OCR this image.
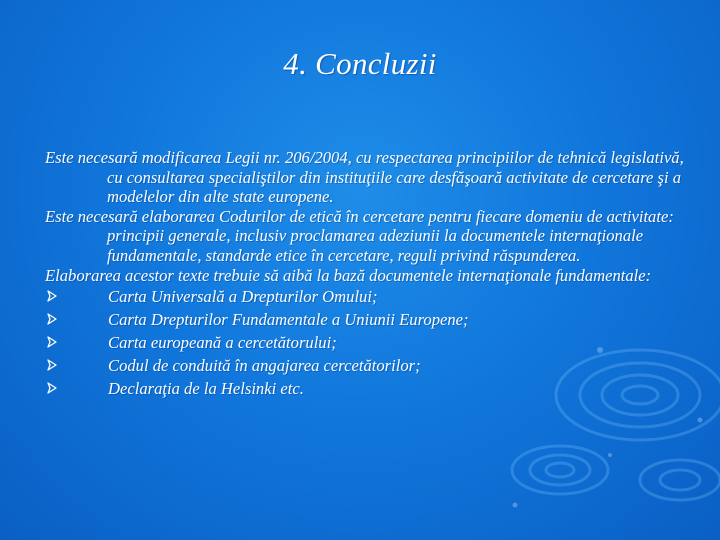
4. Concluzii

Este necesară modificarea Legii nr. 206/2004, cu respectarea principiilor de tehnică legislativă, cu consultarea specialiştilor din instituţiile care desfăşoară activitate de cercetare şi a modelelor din alte state europene.

Este necesară elaborarea Codurilor de etică în cercetare pentru fiecare domeniu de activitate: principii generale, inclusiv proclamarea adeziunii la documentele internaţionale fundamentale, standarde etice în cercetare, reguli privind răspunderea.

Elaborarea acestor texte trebuie să aibă la bază documentele internaţionale fundamentale:

Carta Universală a Drepturilor Omului;
Carta Drepturilor Fundamentale a Uniunii Europene;
Carta europeană a cercetătorului;
Codul de conduită în angajarea cercetătorilor;
Declaraţia de la Helsinki etc.
